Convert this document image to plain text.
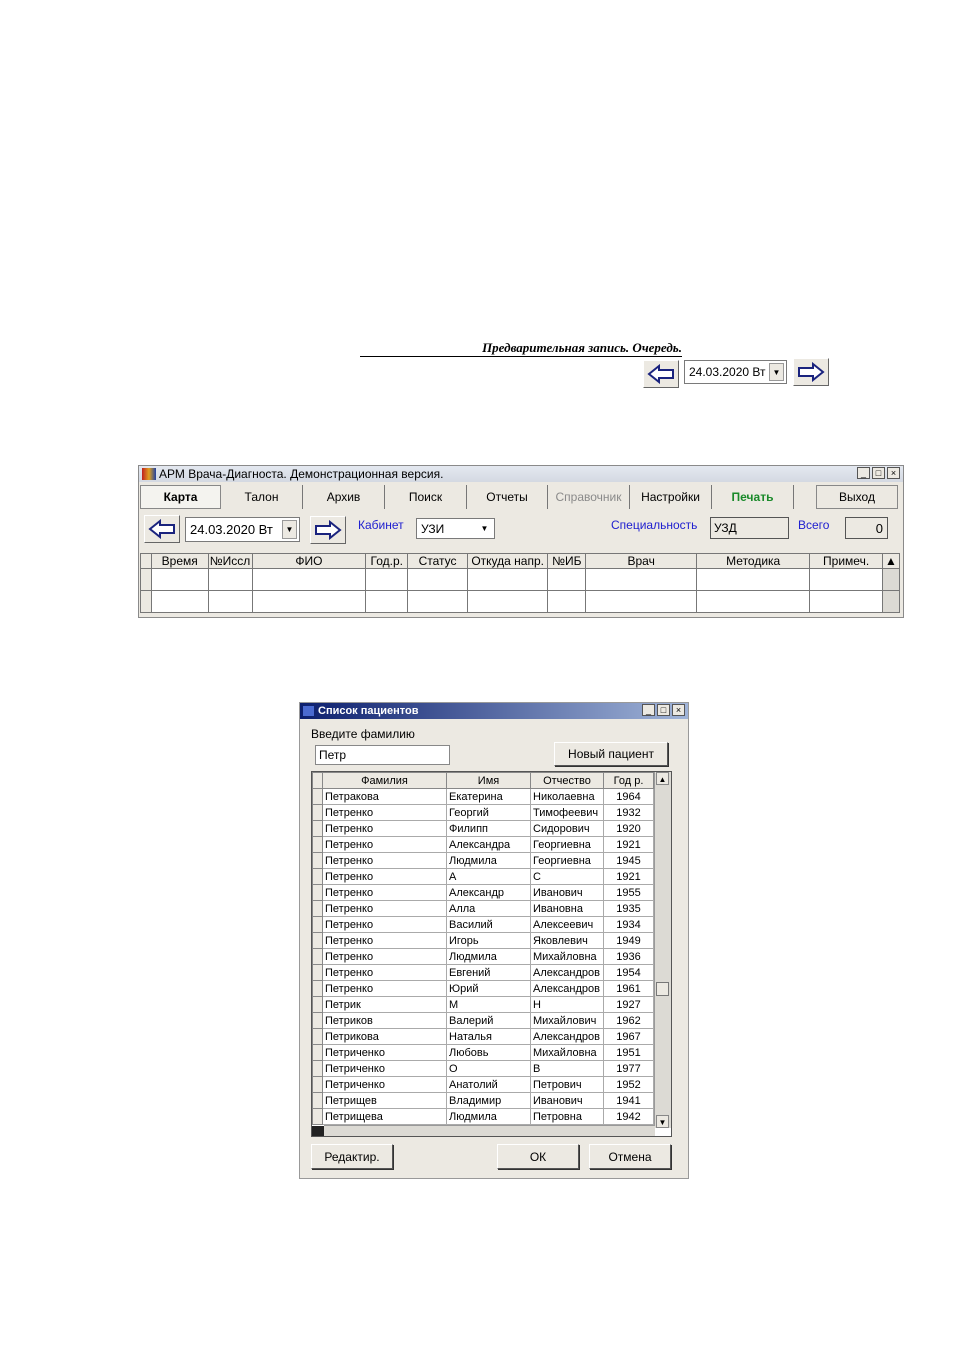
Предварительная запись. Очередь.
24.03.2020 Вт ▼
АРМ Врача-Диагноста. Демонстрационная версия.	_	□	×
Карта	Талон	Архив	Поиск	Отчеты	Справочник	Настройки	Печать	Выход
24.03.2020 Вт	▼	Кабинет УЗИ	▼	Специальность	УЗД	Всего	0
	Время	№Иссл	ФИО	Год.р.	Статус	Откуда напр.	№ИБ	Врач	Методика	Примеч.	▲

Список пациентов	_	□	×
Введите фамилию
Петр	Новый пациент
	Фамилия	Имя	Отчество	Год р.
	Петракова	Екатерина	Николаевна	1964
	Петренко	Георгий	Тимофеевич	1932
	Петренко	Филипп	Сидорович	1920
	Петренко	Александра	Георгиевна	1921
	Петренко	Людмила	Георгиевна	1945
	Петренко	А	С	1921
	Петренко	Александр	Иванович	1955
	Петренко	Алла	Ивановна	1935
	Петренко	Василий	Алексеевич	1934
	Петренко	Игорь	Яковлевич	1949
	Петренко	Людмила	Михайловна	1936
	Петренко	Евгений	Александров	1954
	Петренко	Юрий	Александров	1961
	Петрик	М	Н	1927
	Петриков	Валерий	Михайлович	1962
	Петрикова	Наталья	Александров	1967
	Петриченко	Любовь	Михайловна	1951
	Петриченко	О	В	1977
	Петриченко	Анатолий	Петрович	1952
	Петрищев	Владимир	Иванович	1941
	Петрищева	Людмила	Петровна	1942
▲
▼
Редактир.	ОК	Отмена
